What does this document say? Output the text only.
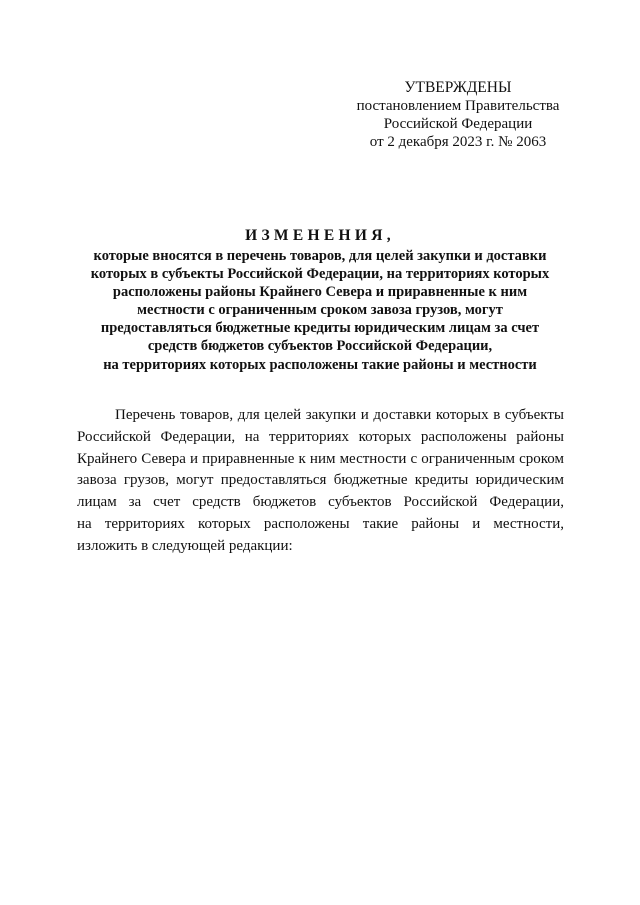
УТВЕРЖДЕНЫ
постановлением Правительства
Российской Федерации
от 2 декабря 2023 г. № 2063
ИЗМЕНЕНИЯ,
которые вносятся в перечень товаров, для целей закупки и доставки
которых в субъекты Российской Федерации, на территориях которых
расположены районы Крайнего Севера и приравненные к ним
местности с ограниченным сроком завоза грузов, могут
предоставляться бюджетные кредиты юридическим лицам за счет
средств бюджетов субъектов Российской Федерации,
на территориях которых расположены такие районы и местности
Перечень товаров, для целей закупки и доставки которых в субъекты
Российской Федерации, на территориях которых расположены районы
Крайнего Севера и приравненные к ним местности с ограниченным сроком
завоза грузов, могут предоставляться бюджетные кредиты юридическим
лицам за счет средств бюджетов субъектов Российской Федерации,
на территориях которых расположены такие районы и местности,
изложить в следующей редакции:
